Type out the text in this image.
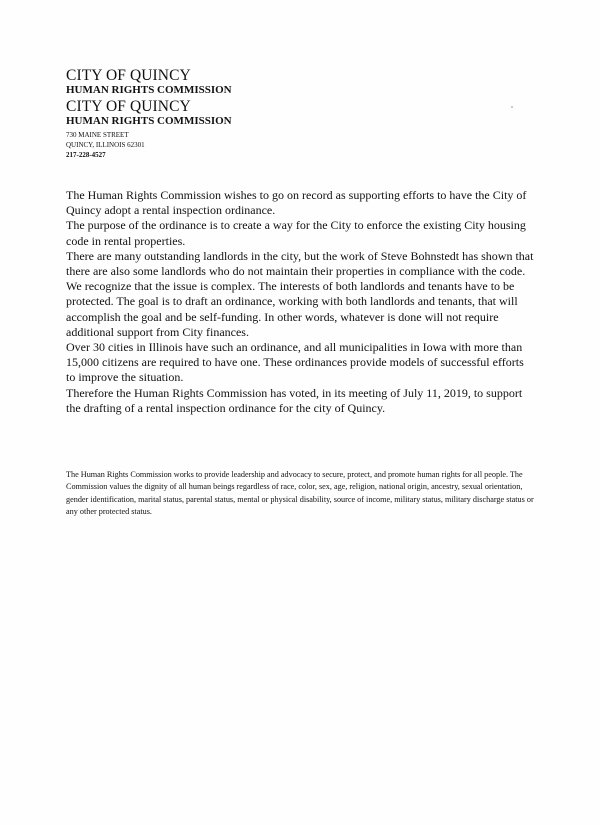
CITY OF QUINCY
HUMAN RIGHTS COMMISSION
CITY OF QUINCY
HUMAN RIGHTS COMMISSION
730 MAINE STREET
QUINCY, ILLINOIS 62301
217-228-4527

The Human Rights Commission wishes to go on record as supporting efforts to have the City of Quincy adopt a rental inspection ordinance.

The purpose of the ordinance is to create a way for the City to enforce the existing City housing code in rental properties.

There are many outstanding landlords in the city, but the work of Steve Bohnstedt has shown that there are also some landlords who do not maintain their properties in compliance with the code.

We recognize that the issue is complex. The interests of both landlords and tenants have to be protected. The goal is to draft an ordinance, working with both landlords and tenants, that will accomplish the goal and be self-funding. In other words, whatever is done will not require additional support from City finances.

Over 30 cities in Illinois have such an ordinance, and all municipalities in Iowa with more than 15,000 citizens are required to have one. These ordinances provide models of successful efforts to improve the situation.

Therefore the Human Rights Commission has voted, in its meeting of July 11, 2019, to support the drafting of a rental inspection ordinance for the city of Quincy.

The Human Rights Commission works to provide leadership and advocacy to secure, protect, and promote human rights for all people. The Commission values the dignity of all human beings regardless of race, color, sex, age, religion, national origin, ancestry, sexual orientation, gender identification, marital status, parental status, mental or physical disability, source of income, military status, military discharge status or any other protected status.
